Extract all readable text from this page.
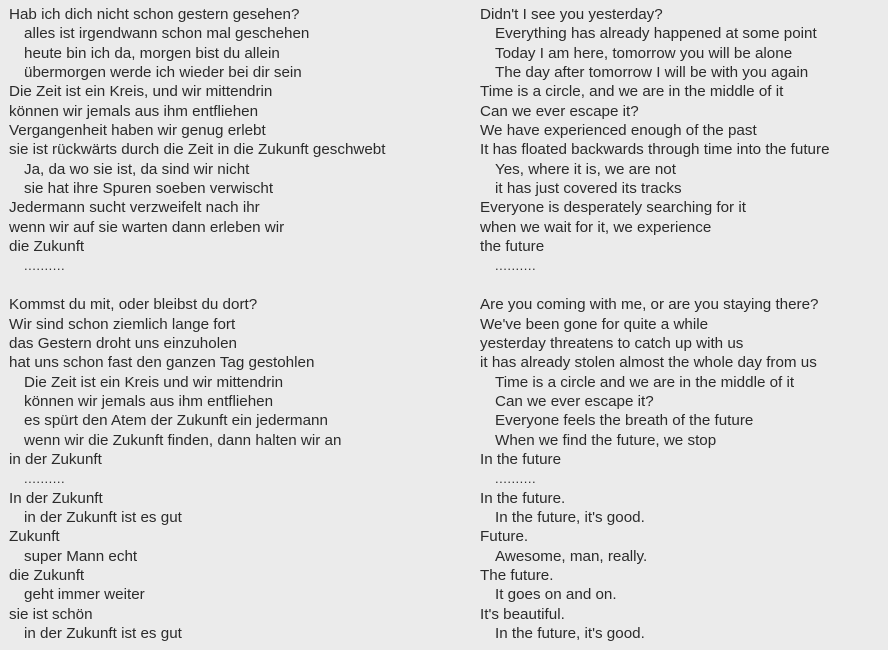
Hab ich dich nicht schon gestern gesehen?
alles ist irgendwann schon mal geschehen
heute bin ich da, morgen bist du allein
übermorgen werde ich wieder bei dir sein
Die Zeit ist ein Kreis, und wir mittendrin
können wir jemals aus ihm entfliehen
Vergangenheit haben wir genug erlebt
sie ist rückwärts durch die Zeit in die Zukunft geschwebt
Ja, da wo sie ist, da sind wir nicht
sie hat ihre Spuren soeben verwischt
Jedermann sucht verzweifelt nach ihr
wenn wir auf sie warten dann erleben wir
die Zukunft
..........
Kommst du mit, oder bleibst du dort?
Wir sind schon ziemlich lange fort
das Gestern droht uns einzuholen
hat uns schon fast den ganzen Tag gestohlen
Die Zeit ist ein Kreis und wir mittendrin
können wir jemals aus ihm entfliehen
es spürt den Atem der Zukunft ein jedermann
wenn wir die Zukunft finden, dann halten wir an
in der Zukunft
..........
In der Zukunft
in der Zukunft ist es gut
Zukunft
super Mann echt
die Zukunft
geht immer weiter
sie ist schön
in der Zukunft ist es gut
Didn't I see you yesterday?
Everything has already happened at some point
Today I am here, tomorrow you will be alone
The day after tomorrow I will be with you again
Time is a circle, and we are in the middle of it
Can we ever escape it?
We have experienced enough of the past
It has floated backwards through time into the future
Yes, where it is, we are not
it has just covered its tracks
Everyone is desperately searching for it
when we wait for it, we experience
the future
..........
Are you coming with me, or are you staying there?
We've been gone for quite a while
yesterday threatens to catch up with us
it has already stolen almost the whole day from us
Time is a circle and we are in the middle of it
Can we ever escape it?
Everyone feels the breath of the future
When we find the future, we stop
In the future
..........
In the future.
In the future, it's good.
Future.
Awesome, man, really.
The future.
It goes on and on.
It's beautiful.
In the future, it's good.
